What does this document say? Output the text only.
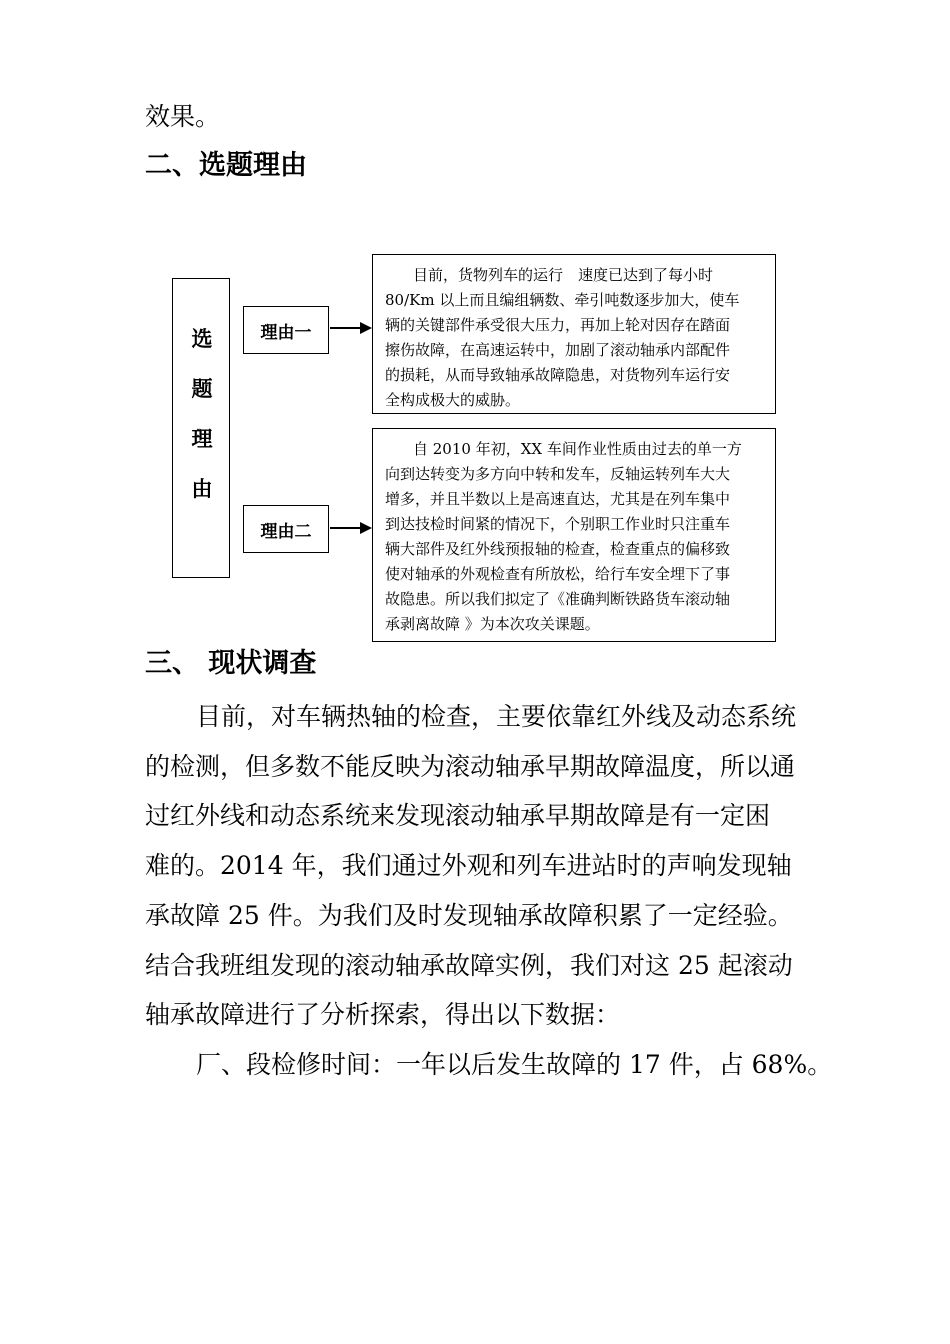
效果。
二、选题理由
选
题
理
由
理由一
目前，货物列车的运行　速度已达到了每小时
80/Km 以上而且编组辆数、牵引吨数逐步加大，使车
辆的关键部件承受很大压力，再加上轮对因存在踏面
擦伤故障，在高速运转中，加剧了滚动轴承内部配件
的损耗，从而导致轴承故障隐患，对货物列车运行安
全构成极大的威胁。
理由二
自 2010 年初，XX 车间作业性质由过去的单一方
向到达转变为多方向中转和发车，反轴运转列车大大
增多，并且半数以上是高速直达，尤其是在列车集中
到达技检时间紧的情况下，个别职工作业时只注重车
辆大部件及红外线预报轴的检查，检查重点的偏移致
使对轴承的外观检查有所放松，给行车安全埋下了事
故隐患。所以我们拟定了《准确判断铁路货车滚动轴
承剥离故障 》为本次攻关课题。
三、 现状调查
目前，对车辆热轴的检查，主要依靠红外线及动态系统
的检测，但多数不能反映为滚动轴承早期故障温度，所以通
过红外线和动态系统来发现滚动轴承早期故障是有一定困
难的。2014 年，我们通过外观和列车进站时的声响发现轴
承故障 25 件。为我们及时发现轴承故障积累了一定经验。
结合我班组发现的滚动轴承故障实例，我们对这 25 起滚动
轴承故障进行了分析探索，得出以下数据：
厂、段检修时间：一年以后发生故障的 17 件，占 68%。
